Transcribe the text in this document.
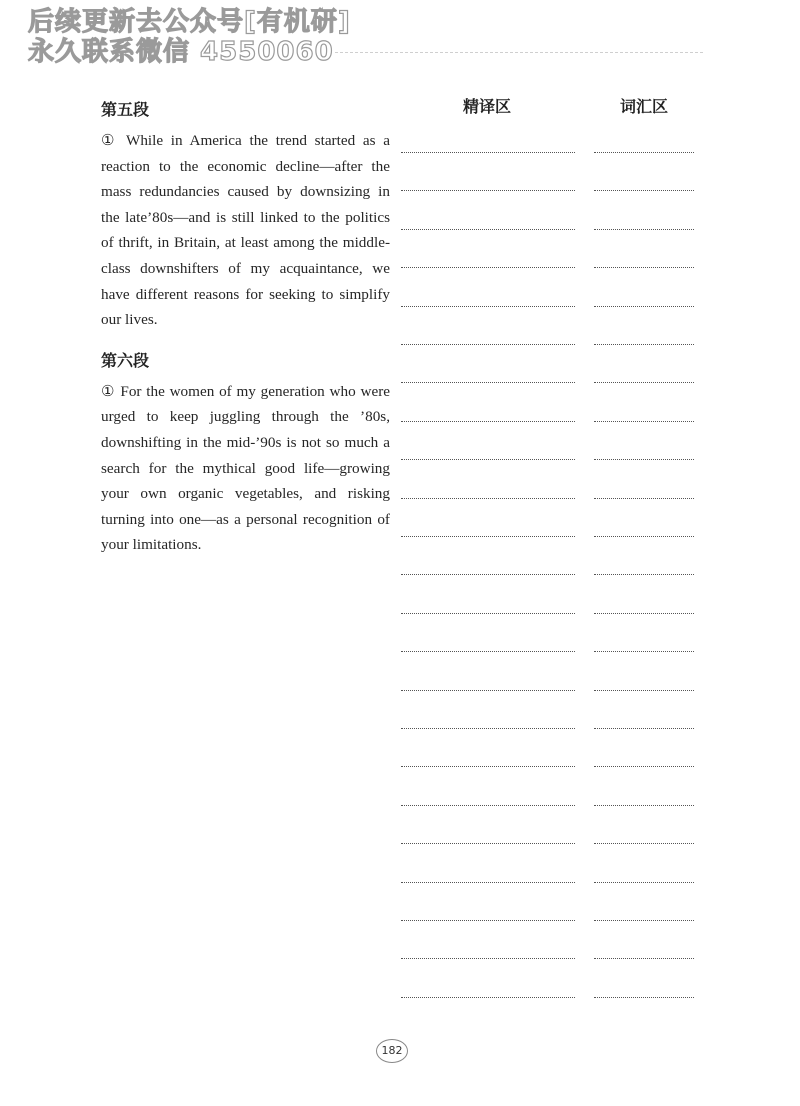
后续更新去公众号[有机研]
永久联系微信 4550060
第五段

① While in America the trend started as a reaction to the economic decline—after the mass redundancies caused by downsizing in the late’80s—and is still linked to the politics of thrift, in Britain, at least among the middle-class downshifters of my acquaintance, we have different reasons for seeking to simplify our lives.

第六段

① For the women of my generation who were urged to keep juggling through the ’80s, downshifting in the mid-’90s is not so much a search for the mythical good life—growing your own organic vegetables, and risking turning into one—as a personal recognition of your limitations.

精译区	词汇区
182
